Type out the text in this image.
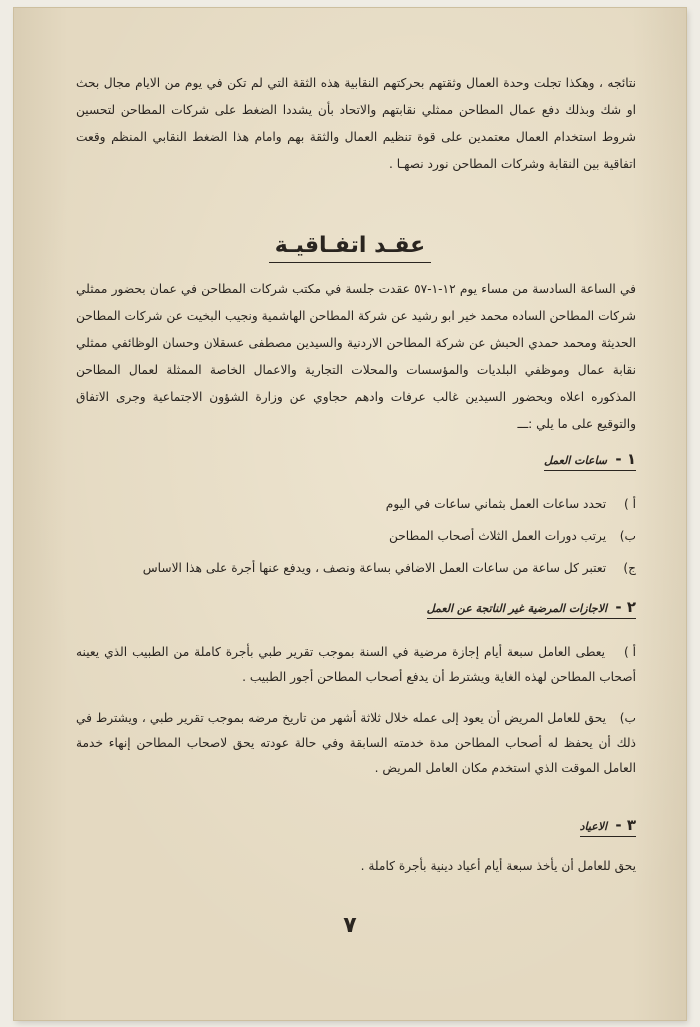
نتائجه ، وهكذا تجلت وحدة العمال وثقتهم بحركتهم النقابية هذه الثقة التي لم تكن في يوم من الايام مجال بحث او شك وبذلك دفع عمال المطاحن ممثلي نقابتهم والاتحاد بأن يشددا الضغط على شركات المطاحن لتحسين شروط استخدام العمال معتمدين على قوة تنظيم العمال والثقة بهم وامام هذا الضغط النقابي المنظم وقعت اتفاقية بين النقابة وشركات المطاحن نورد نصهـا .
عقـد اتفـاقيـة
في الساعة السادسة من مساء يوم ١٢-١-٥٧ عقدت جلسة في مكتب شركات المطاحن في عمان بحضور ممثلي شركات المطاحن الساده محمد خير ابو رشيد عن شركة المطاحن الهاشمية ونجيب البخيت عن شركات المطاحن الحديثة ومحمد حمدي الحبش عن شركة المطاحن الاردنية والسيدين مصطفى عسقلان وحسان الوظائفي ممثلي نقابة عمال وموظفي البلديات والمؤسسات والمحلات التجارية والاعمال الخاصة الممثلة لعمال المطاحن المذكوره اعلاه وبحضور السيدين غالب عرفات وادهم حجاوي عن وزارة الشؤون الاجتماعية وجرى الاتفاق والتوقيع على ما يلي :ـــ
١ - ساعات العمل
أ ) تحدد ساعات العمل بثماني ساعات في اليوم
ب) يرتب دورات العمل الثلاث أصحاب المطاحن
ج) تعتبر كل ساعة من ساعات العمل الاضافي بساعة ونصف ، ويدفع عنها أجرة على هذا الاساس
٢ - الاجازات المرضية غير الناتجة عن العمل
أ ) يعطى العامل سبعة أيام إجازة مرضية في السنة بموجب تقرير طبي بأجرة كاملة من الطبيب الذي يعينه أصحاب المطاحن لهذه الغاية ويشترط أن يدفع أصحاب المطاحن أجور الطبيب .
ب) يحق للعامل المريض أن يعود إلى عمله خلال ثلاثة أشهر من تاريخ مرضه بموجب تقرير طبي ، ويشترط في ذلك أن يحفظ له أصحاب المطاحن مدة خدمته السابقة وفي حالة عودته يحق لاصحاب المطاحن إنهاء خدمة العامل الموقت الذي استخدم مكان العامل المريض .
٣ - الاعياد
يحق للعامل أن يأخذ سبعة أيام أعياد دينية بأجرة كاملة .
٧
